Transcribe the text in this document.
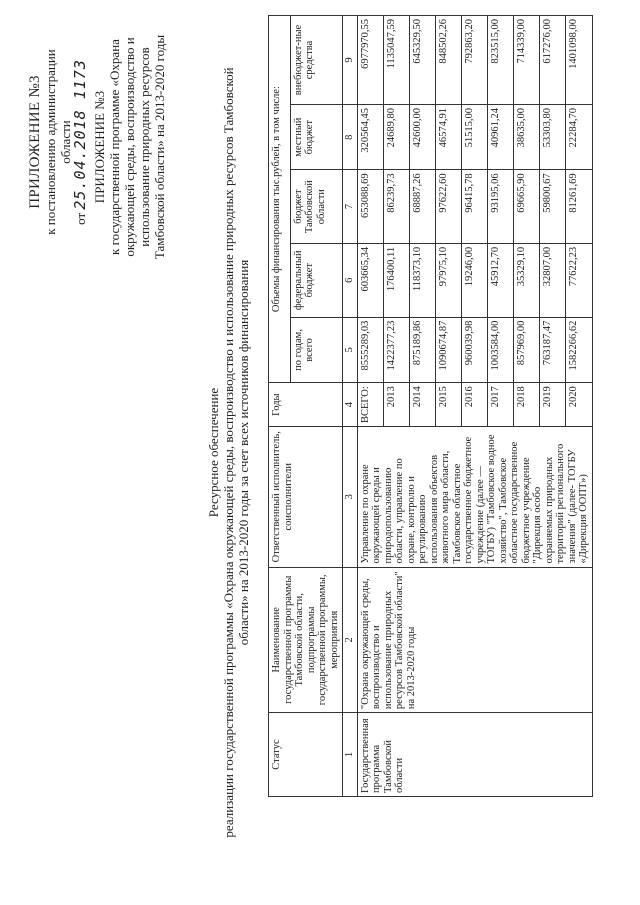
ПРИЛОЖЕНИЕ №3 к постановлению администрации области
от 25.04.2018 1173 ПРИЛОЖЕНИЕ №3 к государственной программе «Охрана окружающей среды, воспроизводство и использование природных ресурсов Тамбовской области» на 2013-2020 годы
Ресурсное обеспечение реализации государственной программы «Охрана окружающей среды, воспроизводство и использование природных ресурсов Тамбовской области» на 2013-2020 годы за счет всех источников финансирования
Статус	Наименование государственной программы Тамбовской области, подпрограммы государственной программы, мероприятия	Ответственный исполнитель, соисполнители	Годы	Объемы финансирования тыс.рублей, в том числе:				
				по годам, всего	федеральный бюджет	бюджет Тамбовской области	местный бюджет	внебюджет-ные средства
1	2	3	4	5	6	7	8	9
Государственная программа Тамбовской области	"Охрана окружающей среды, воспроизводство и использование природных ресурсов Тамбовской области" на 2013-2020 годы	Управление по охране окружающей среды и природопользованию области, управление по охране, контролю и регулированию использования объектов животного мира области, Тамбовское областное государственное бюджетное учреждение (далее — ТОГБУ) "Тамбовское водное хозяйство", Тамбовское областное государственное бюджетное учреждение "Дирекция особо охраняемых природных территорий регионального значения" (далее- ТОГБУ «Дирекция ООПТ»)	ВСЕГО:	8555289,03	603665,34	653088,69	320564,45	6977970,55
			2013	1422377,23	176400,11	86239,73	24689,80	1135047,59
			2014	875189,86	118373,10	68887,26	42600,00	645329,50
			2015	1090674,87	97975,10	97622,60	46574,91	848502,26
			2016	960039,98	19246,00	96415,78	51515,00	792863,20
			2017	1003584,00	45912,70	93195,06	40961,24	823515,00
			2018	857969,00	35329,10	69665,90	38635,00	714339,00
			2019	763187,47	32807,00	59800,67	53303,80	617276,00
			2020	1582266,62	77622,23	81261,69	22284,70	1401098,00
